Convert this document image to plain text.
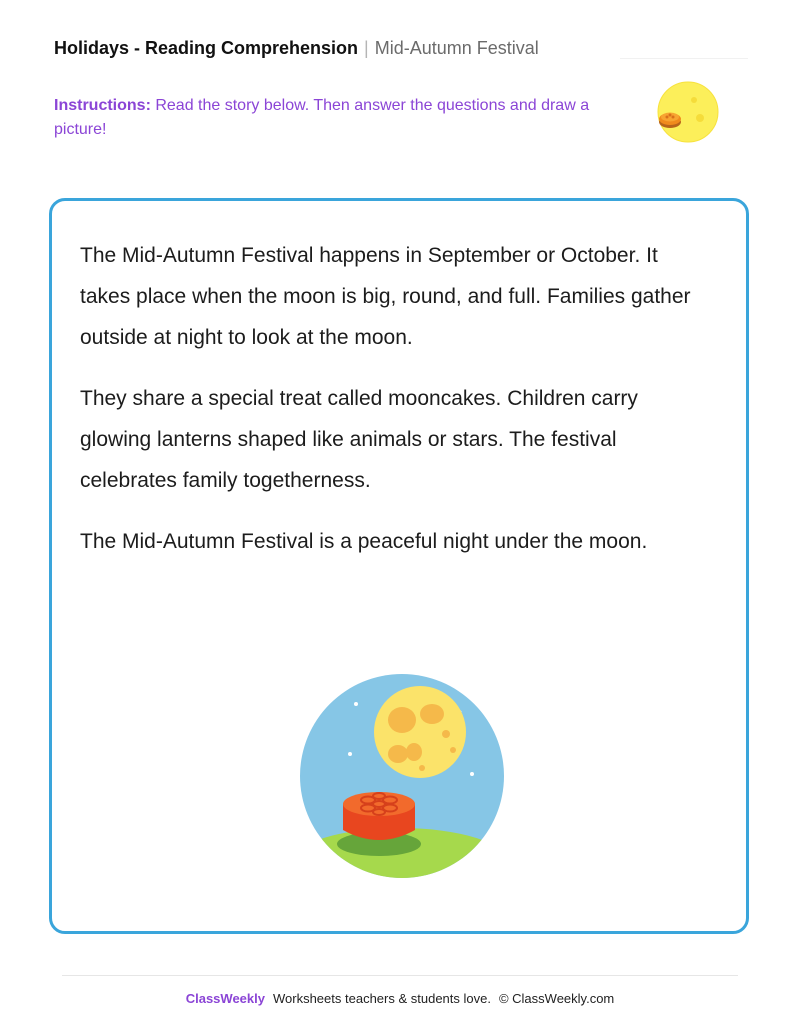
Holidays - Reading Comprehension | Mid-Autumn Festival
Instructions: Read the story below. Then answer the questions and draw a picture!

The Mid-Autumn Festival happens in September or October. It takes place when the moon is big, round, and full. Families gather outside at night to look at the moon.

They share a special treat called mooncakes. Children carry glowing lanterns shaped like animals or stars. The festival celebrates family togetherness.

The Mid-Autumn Festival is a peaceful night under the moon.

ClassWeekly Worksheets teachers & students love. © ClassWeekly.com
